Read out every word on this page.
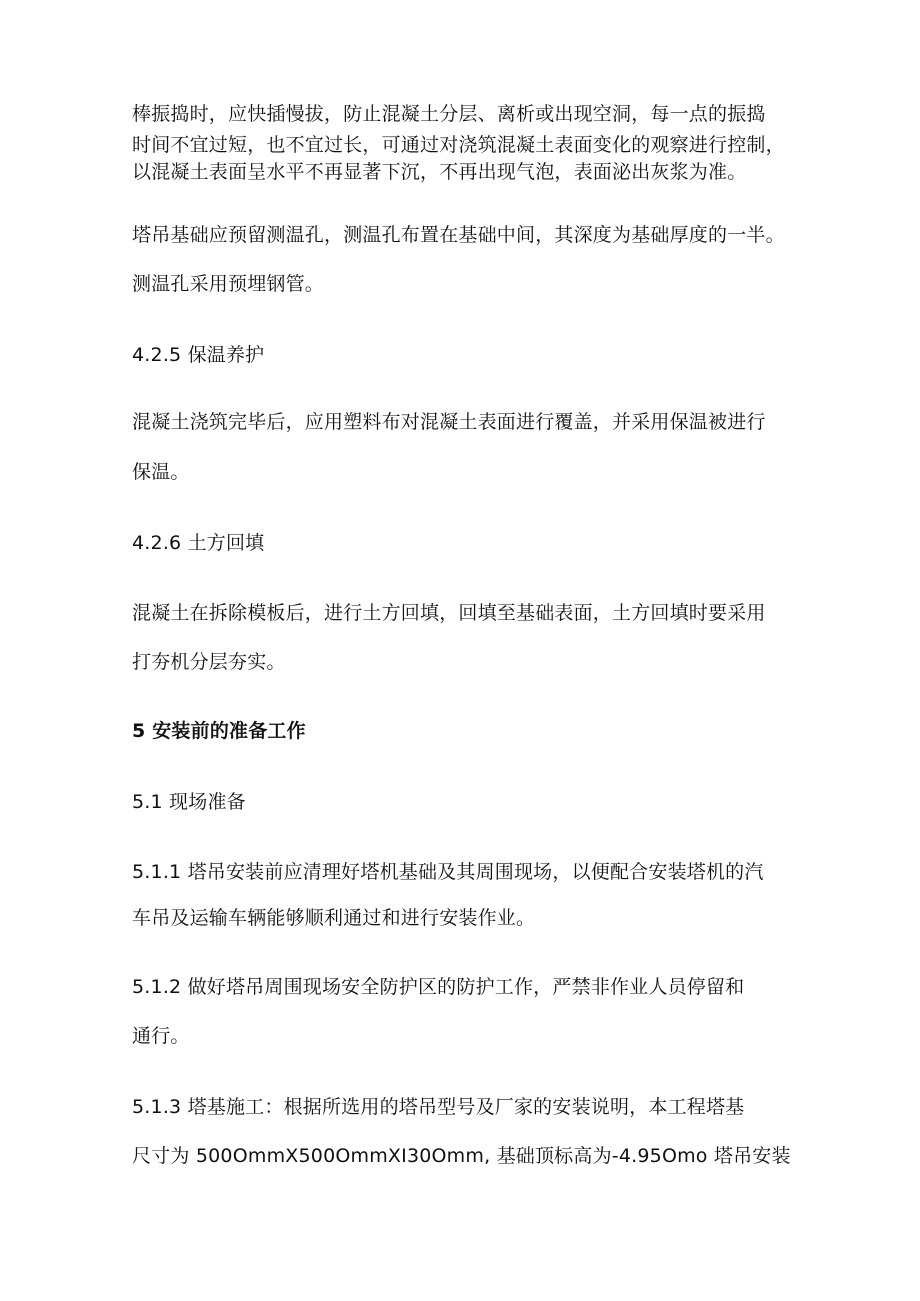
棒振捣时，应快插慢拔，防止混凝土分层、离析或出现空洞，每一点的振捣
时间不宜过短，也不宜过长，可通过对浇筑混凝土表面变化的观察进行控制，
以混凝土表面呈水平不再显著下沉，不再出现气泡，表面泌出灰浆为准。
塔吊基础应预留测温孔，测温孔布置在基础中间，其深度为基础厚度的一半。
测温孔采用预埋钢管。
4.2.5 保温养护
混凝土浇筑完毕后，应用塑料布对混凝土表面进行覆盖，并采用保温被进行
保温。
4.2.6 土方回填
混凝土在拆除模板后，进行土方回填，回填至基础表面，土方回填时要采用
打夯机分层夯实。
5 安装前的准备工作
5.1 现场准备
5.1.1 塔吊安装前应清理好塔机基础及其周围现场，以便配合安装塔机的汽
车吊及运输车辆能够顺利通过和进行安装作业。
5.1.2 做好塔吊周围现场安全防护区的防护工作，严禁非作业人员停留和
通行。
5.1.3 塔基施工：根据所选用的塔吊型号及厂家的安装说明，本工程塔基
尺寸为 500OmmX500OmmXI30Omm, 基础顶标高为-4.95Omo 塔吊安装
